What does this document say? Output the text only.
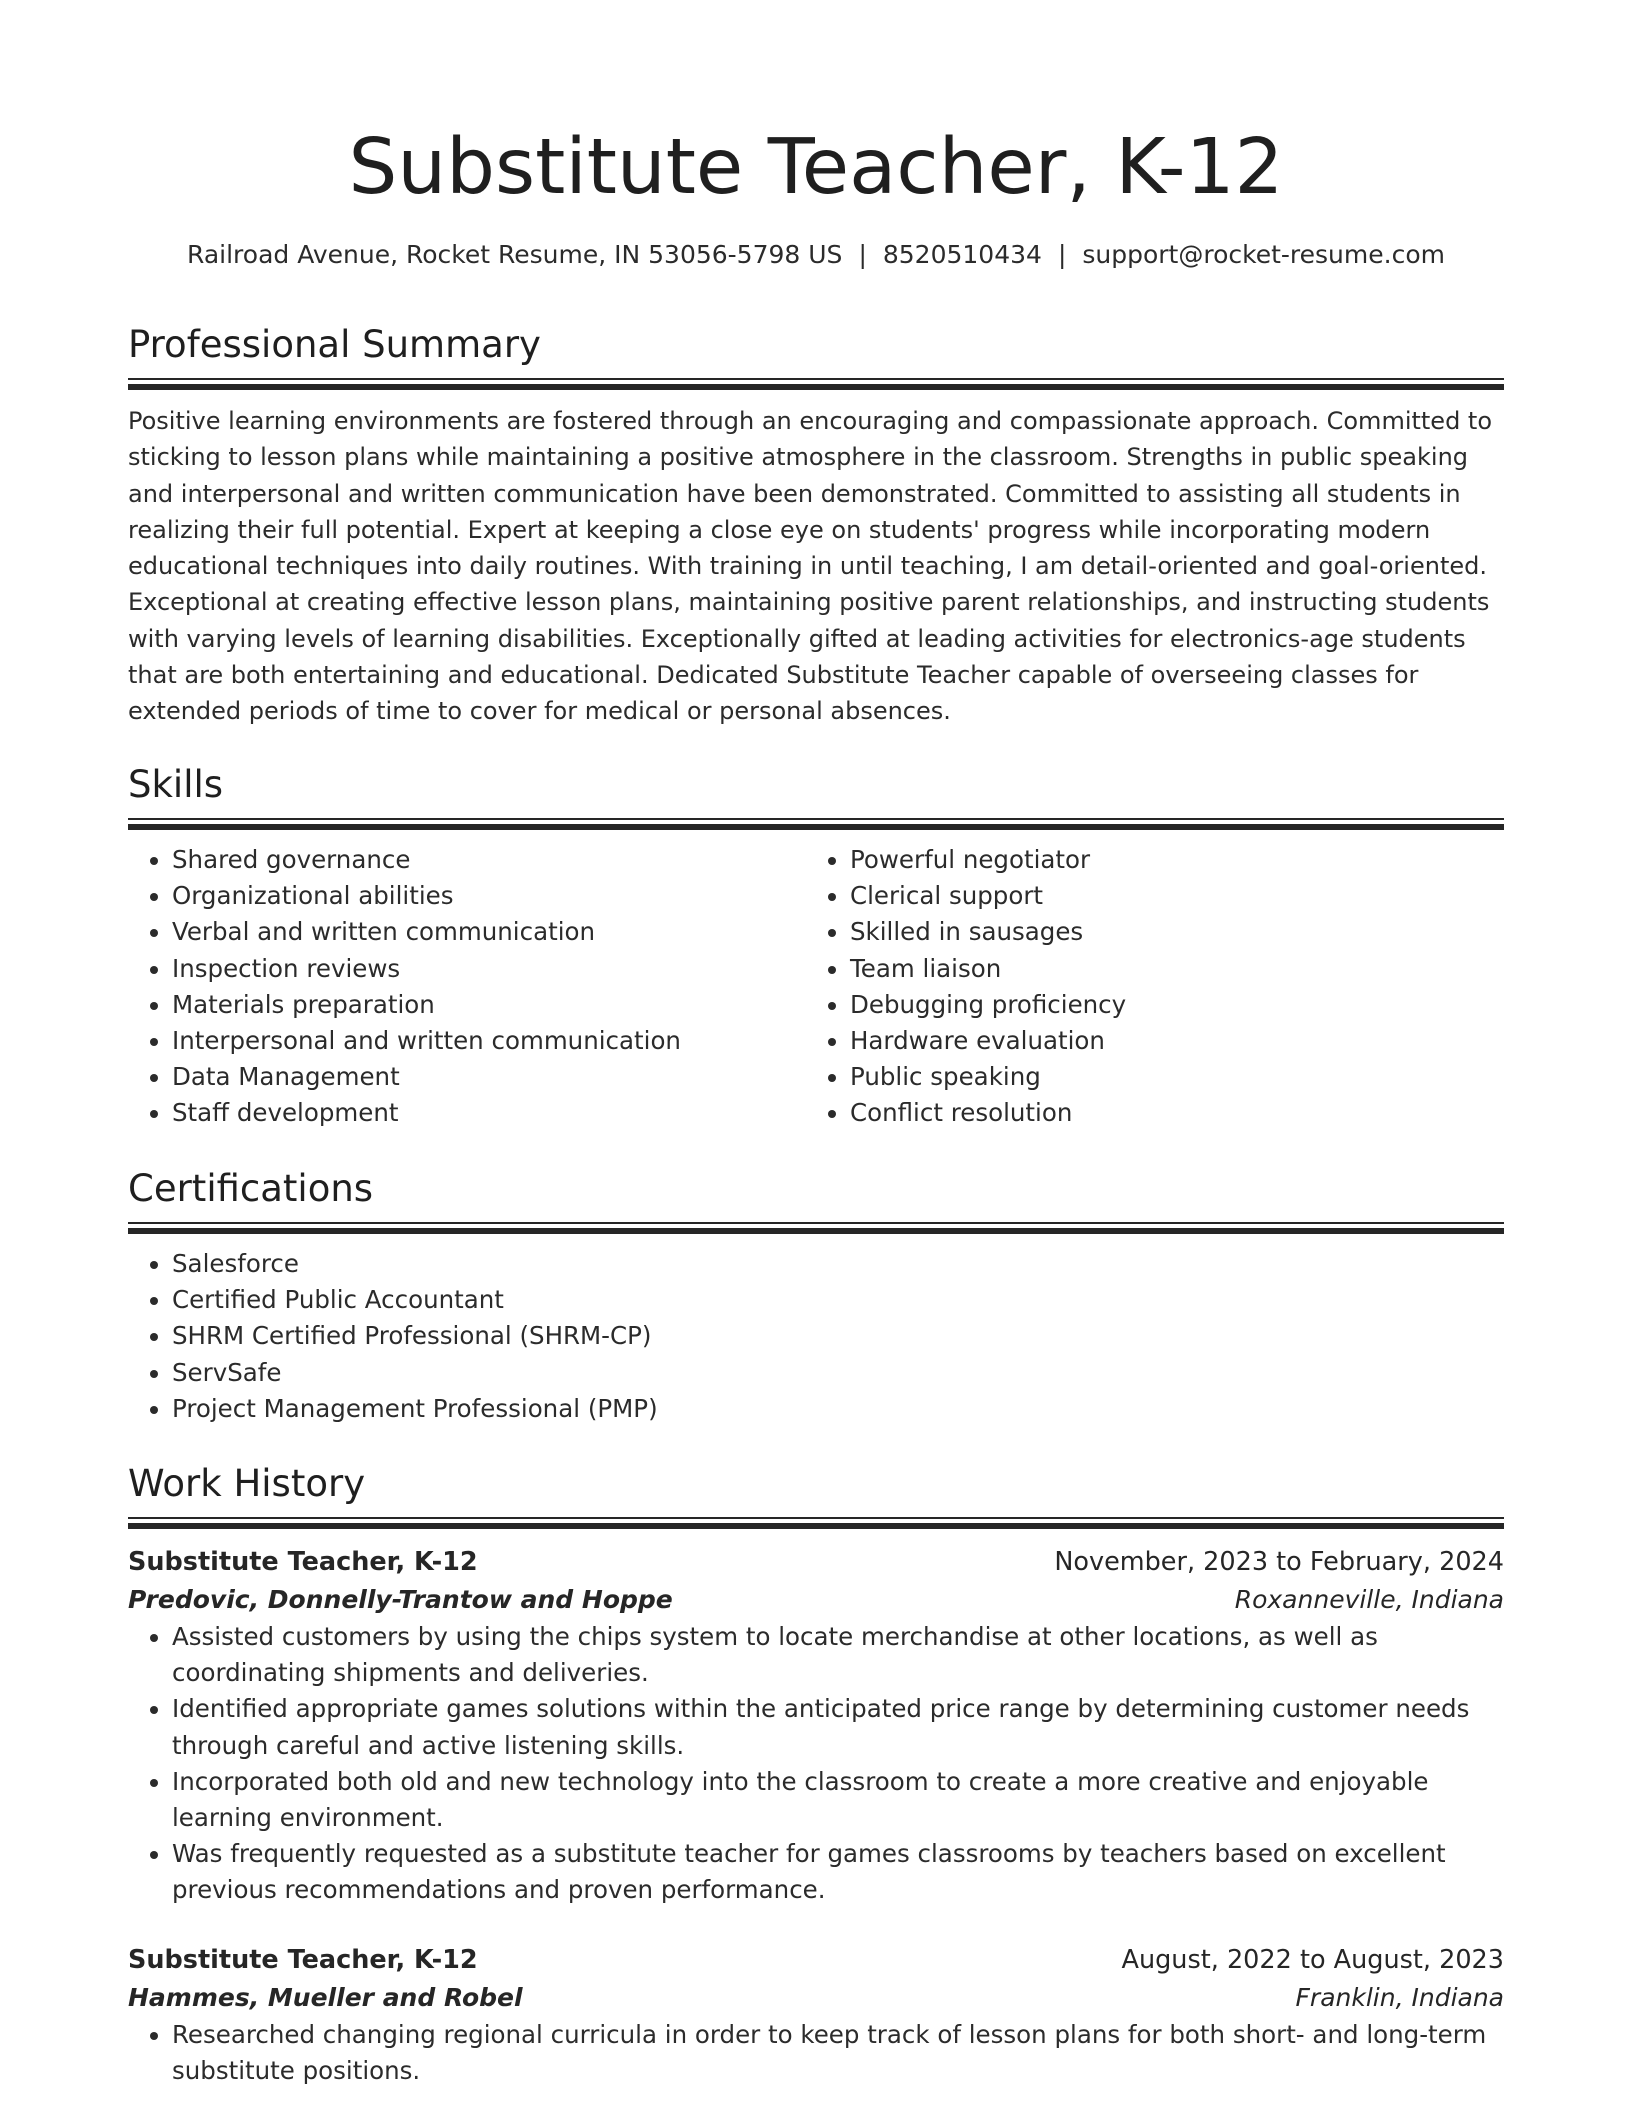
Substitute Teacher, K-12
Railroad Avenue, Rocket Resume, IN 53056-5798 US | 8520510434 | support@rocket-resume.com
Professional Summary

Positive learning environments are fostered through an encouraging and compassionate approach. Committed to sticking to lesson plans while maintaining a positive atmosphere in the classroom. Strengths in public speaking and interpersonal and written communication have been demonstrated. Committed to assisting all students in realizing their full potential. Expert at keeping a close eye on students' progress while incorporating modern educational techniques into daily routines. With training in until teaching, I am detail-oriented and goal-oriented. Exceptional at creating effective lesson plans, maintaining positive parent relationships, and instructing students with varying levels of learning disabilities. Exceptionally gifted at leading activities for electronics-age students that are both entertaining and educational. Dedicated Substitute Teacher capable of overseeing classes for extended periods of time to cover for medical or personal absences.

Skills
• Shared governance
• Organizational abilities
• Verbal and written communication
• Inspection reviews
• Materials preparation
• Interpersonal and written communication
• Data Management
• Staff development
• Powerful negotiator
• Clerical support
• Skilled in sausages
• Team liaison
• Debugging proficiency
• Hardware evaluation
• Public speaking
• Conflict resolution
Certifications
• Salesforce
• Certified Public Accountant
• SHRM Certified Professional (SHRM-CP)
• ServSafe
• Project Management Professional (PMP)
Work History
Substitute Teacher, K-12	November, 2023 to February, 2024
Predovic, Donnelly-Trantow and Hoppe	Roxanneville, Indiana
• Assisted customers by using the chips system to locate merchandise at other locations, as well as coordinating shipments and deliveries.
• Identified appropriate games solutions within the anticipated price range by determining customer needs through careful and active listening skills.
• Incorporated both old and new technology into the classroom to create a more creative and enjoyable learning environment.
• Was frequently requested as a substitute teacher for games classrooms by teachers based on excellent previous recommendations and proven performance.
Substitute Teacher, K-12	August, 2022 to August, 2023
Hammes, Mueller and Robel	Franklin, Indiana
• Researched changing regional curricula in order to keep track of lesson plans for both short- and long-term substitute positions.
